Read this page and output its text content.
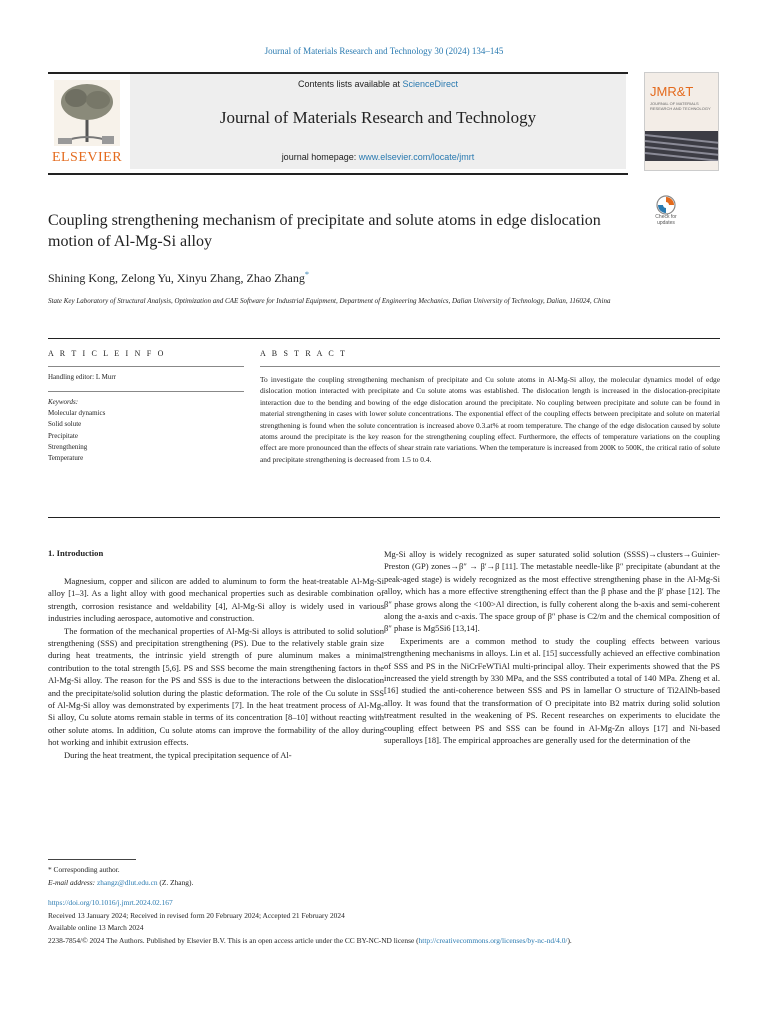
Journal of Materials Research and Technology 30 (2024) 134–145
ELSEVIER
Contents lists available at ScienceDirect
Journal of Materials Research and Technology
journal homepage: www.elsevier.com/locate/jmrt
JMR&T
JOURNAL OF MATERIALS RESEARCH AND TECHNOLOGY
Coupling strengthening mechanism of precipitate and solute atoms in edge dislocation motion of Al-Mg-Si alloy
Check for updates
Shining Kong, Zelong Yu, Xinyu Zhang, Zhao Zhang*
State Key Laboratory of Structural Analysis, Optimization and CAE Software for Industrial Equipment, Department of Engineering Mechanics, Dalian University of Technology, Dalian, 116024, China
A R T I C L E I N F O	A B S T R A C T
Handling editor: L Murr
Keywords:
Molecular dynamics
Solid solute
Precipitate
Strengthening
Temperature

To investigate the coupling strengthening mechanism of precipitate and Cu solute atoms in Al-Mg-Si alloy, the molecular dynamics model of edge dislocation motion interacted with precipitate and Cu solute atoms was established. The dislocation length is increased in the dislocation-precipitate interaction due to the bending and bowing of the edge dislocation around the precipitate. No coupling between precipitate and solute can be found in material strengthening in cases with lower solute concentrations. The exponential effect of the coupling effects between precipitate and solute on material strengthening is found when the solute concentration is increased above 0.3.at% at room temperature. The change of the edge dislocation caused by solute atoms around the precipitate is the key reason for the strengthening coupling effect. Furthermore, the effects of temperature variations on the coupling effect are more pronounced than the effects of shear strain rate variations. When the temperature is increased from 200K to 500K, the critical ratio of solute and precipitate strengthening is decreased from 1.5 to 0.4.

1. Introduction

Magnesium, copper and silicon are added to aluminum to form the heat-treatable Al-Mg-Si alloy [1–3]. As a light alloy with good mechanical properties such as desirable combination of strength, corrosion resistance and weldability [4], Al-Mg-Si alloy is widely used in various industries including aerospace, automotive and construction.

The formation of the mechanical properties of Al-Mg-Si alloys is attributed to solid solution strengthening (SSS) and precipitation strengthening (PS). Due to the relatively stable grain size during heat treatments, the intrinsic yield strength of pure aluminum makes a minimal contribution to the total strength [5,6]. PS and SSS become the main strengthening factors in the Al-Mg-Si alloy. The reason for the PS and SSS is due to the interactions between the dislocation and the precipitate/solid solution during the plastic deformation. The role of the Cu solute in SSS of Al-Mg-Si alloy was demonstrated by experiments [7]. In the heat treatment process of Al-Mg-Si alloy, Cu solute atoms remain stable in terms of its concentration [8–10] without reacting with other solute atoms. In addition, Cu solute atoms can improve the formability of the alloy during hot working and inhibit extrusion effects.

During the heat treatment, the typical precipitation sequence of Al-

Mg-Si alloy is widely recognized as super saturated solid solution (SSSS)→clusters→Guinier-Preston (GP) zones→β″ → β′→β [11]. The metastable needle-like β″ precipitate (abundant at the peak-aged stage) is widely recognized as the most effective strengthening phase in the Al-Mg-Si alloy, which has a more effective strengthening effect than the β phase and the β′ phase [12]. The β″ phase grows along the <100>Al direction, is fully coherent along the b-axis and semi-coherent along the a-axis and c-axis. The space group of β″ phase is C2/m and the chemical composition of β″ phase is Mg5Si6 [13,14].

Experiments are a common method to study the coupling effects between various strengthening mechanisms in alloys. Lin et al. [15] successfully achieved an effective combination of SSS and PS in the NiCrFeWTiAl multi-principal alloy. Their experiments showed that the PS increased the yield strength by 330 MPa, and the SSS contributed a total of 140 MPa. Zheng et al. [16] studied the anti-coherence between SSS and PS in lamellar O structure of Ti2AlNb-based alloy. It was found that the transformation of O precipitate into B2 matrix during solid solution treatment resulted in the weakening of PS. Recent researches on experiments to elucidate the coupling effect between PS and SSS can be found in Al-Mg-Zn alloys [17] and Ni-based superalloys [18]. The empirical approaches are generally used for the determination of the

* Corresponding author.
E-mail address: zhangz@dlut.edu.cn (Z. Zhang).
https://doi.org/10.1016/j.jmrt.2024.02.167
Received 13 January 2024; Received in revised form 20 February 2024; Accepted 21 February 2024
Available online 13 March 2024
2238-7854/© 2024 The Authors. Published by Elsevier B.V. This is an open access article under the CC BY-NC-ND license (http://creativecommons.org/licenses/by-nc-nd/4.0/).
